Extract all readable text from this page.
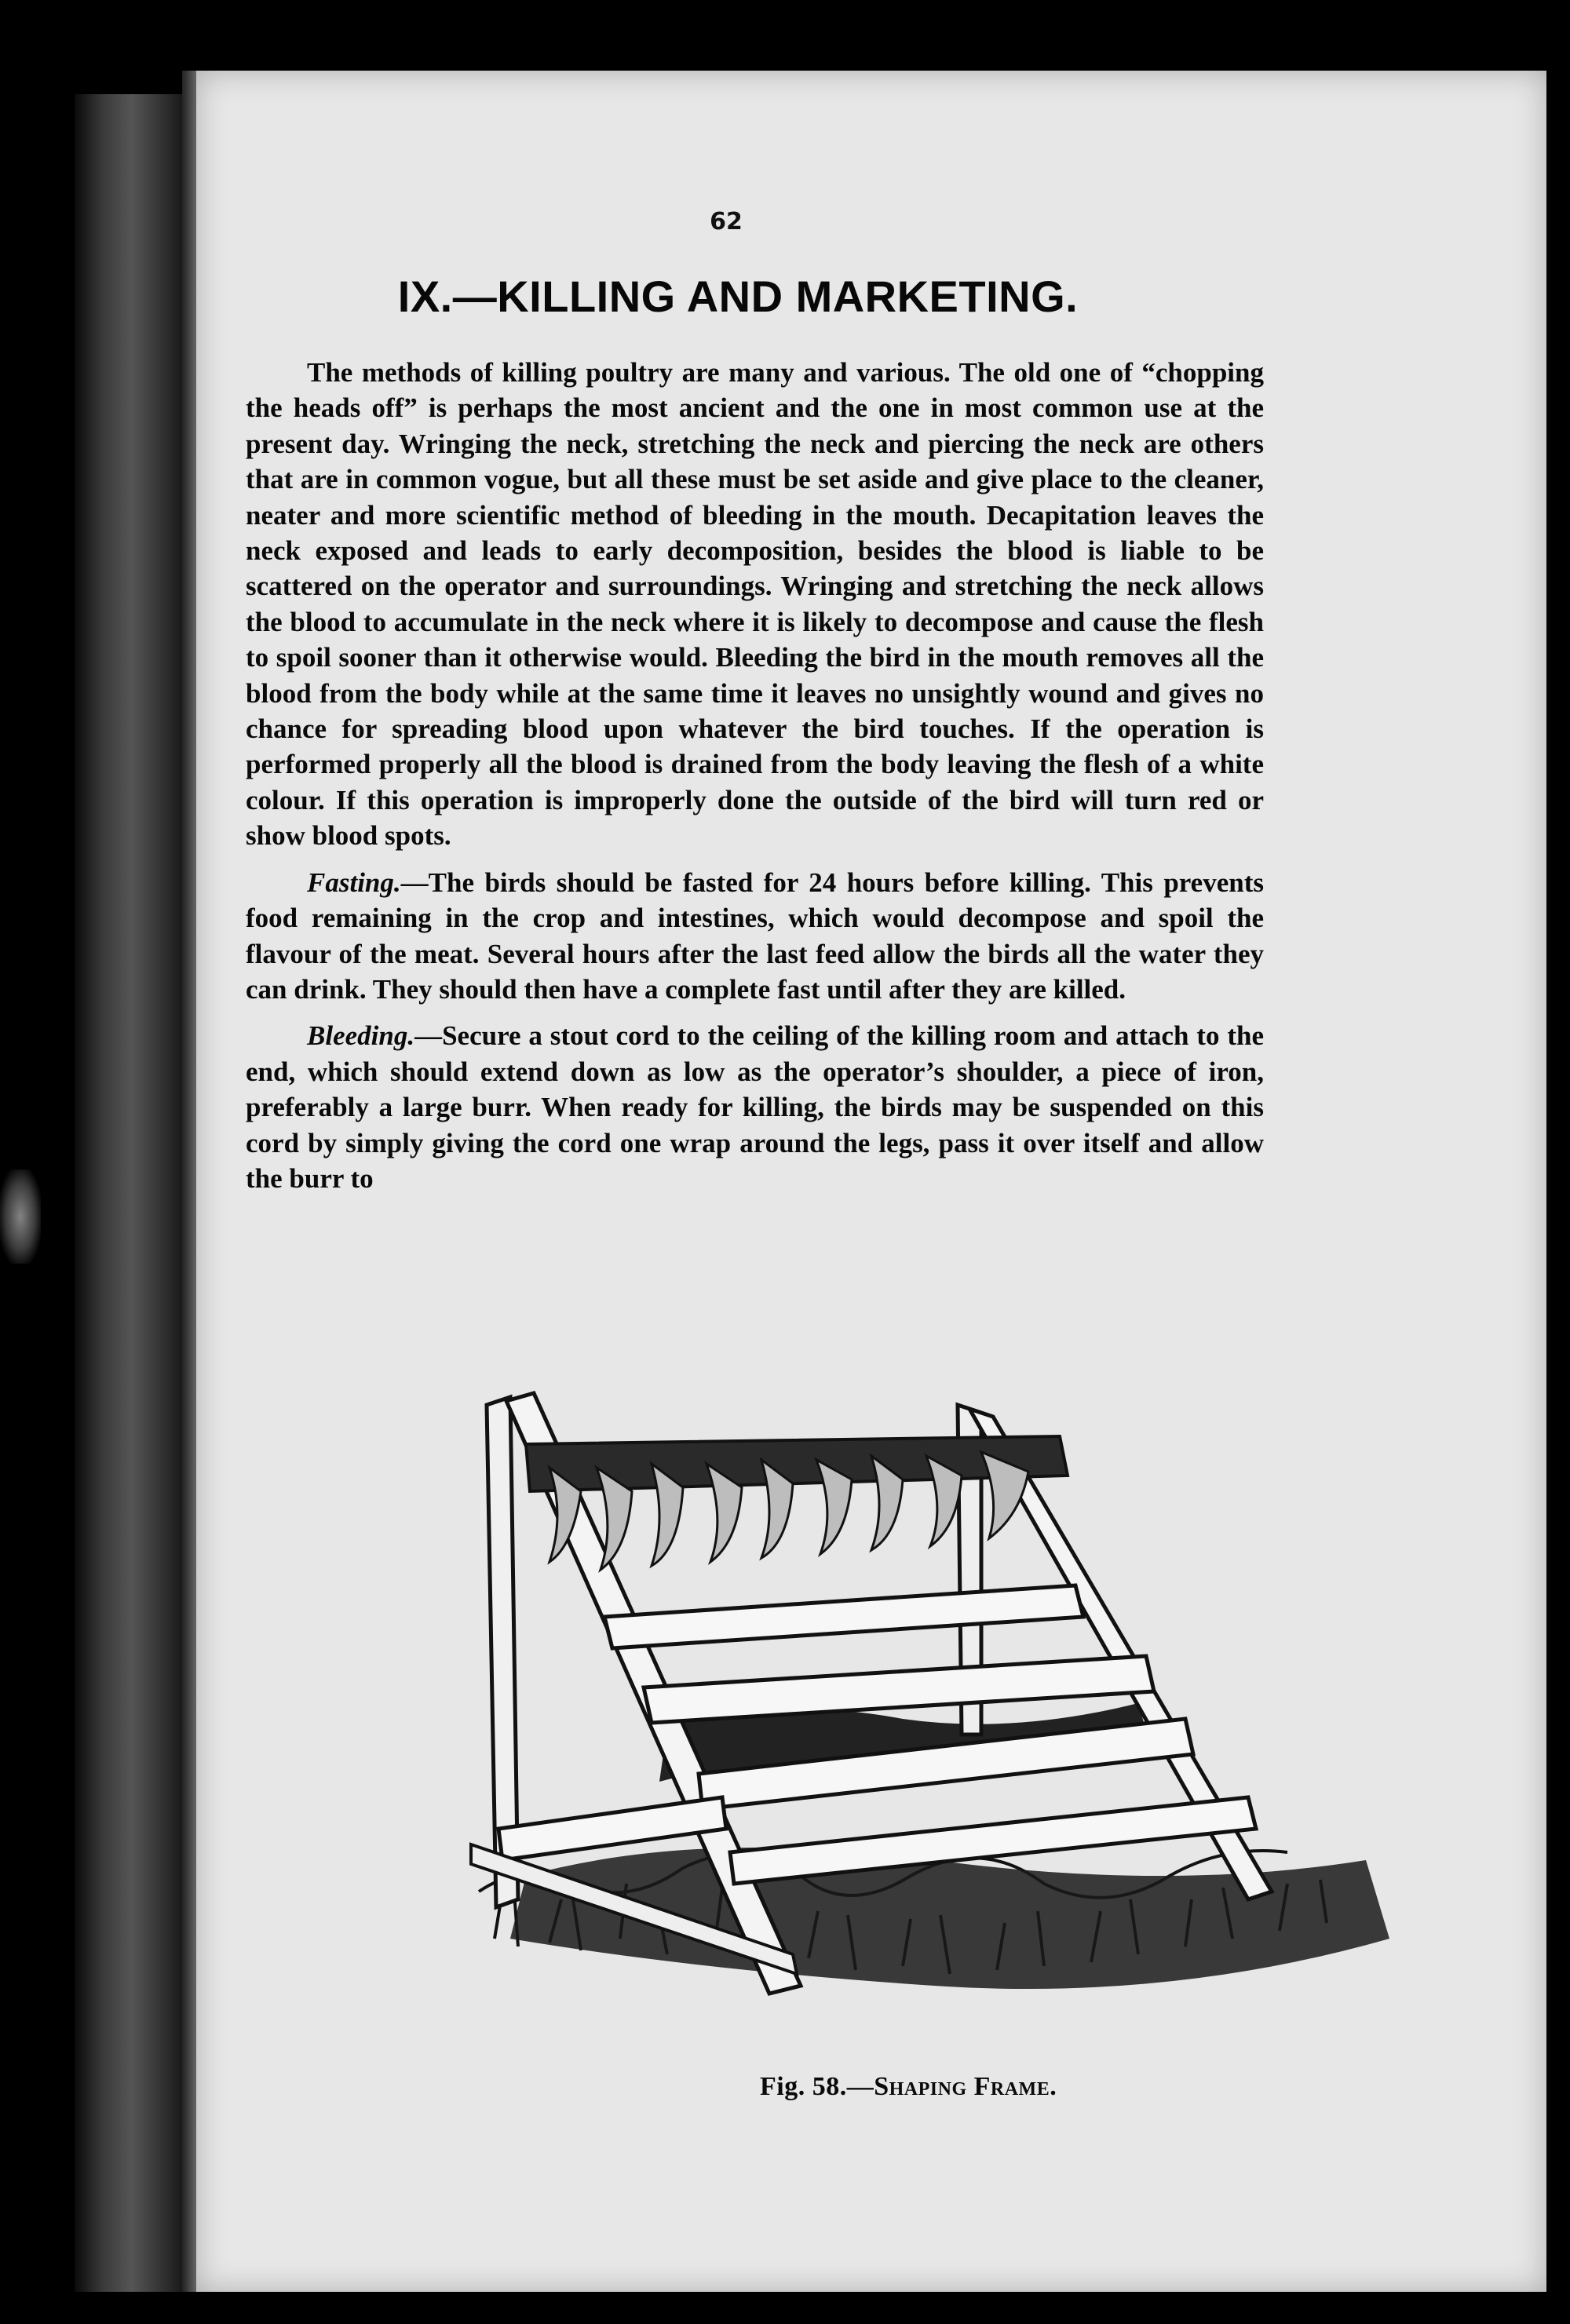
62
IX.—KILLING AND MARKETING.

The methods of killing poultry are many and various. The old one of “chopping the heads off” is perhaps the most ancient and the one in most common use at the present day. Wringing the neck, stretching the neck and piercing the neck are others that are in common vogue, but all these must be set aside and give place to the cleaner, neater and more scientific method of bleeding in the mouth. Decapitation leaves the neck exposed and leads to early decomposition, besides the blood is liable to be scattered on the operator and surroundings. Wringing and stretching the neck allows the blood to accumulate in the neck where it is likely to decompose and cause the flesh to spoil sooner than it otherwise would. Bleeding the bird in the mouth removes all the blood from the body while at the same time it leaves no unsightly wound and gives no chance for spreading blood upon whatever the bird touches. If the operation is performed properly all the blood is drained from the body leaving the flesh of a white colour. If this operation is improperly done the outside of the bird will turn red or show blood spots.

Fasting.—The birds should be fasted for 24 hours before killing. This prevents food remaining in the crop and intestines, which would decompose and spoil the flavour of the meat. Several hours after the last feed allow the birds all the water they can drink. They should then have a complete fast until after they are killed.

Bleeding.—Secure a stout cord to the ceiling of the killing room and attach to the end, which should extend down as low as the operator’s shoulder, a piece of iron, preferably a large burr. When ready for killing, the birds may be suspended on this cord by simply giving the cord one wrap around the legs, pass it over itself and allow the burr to

Fig. 58.—Shaping Frame.
